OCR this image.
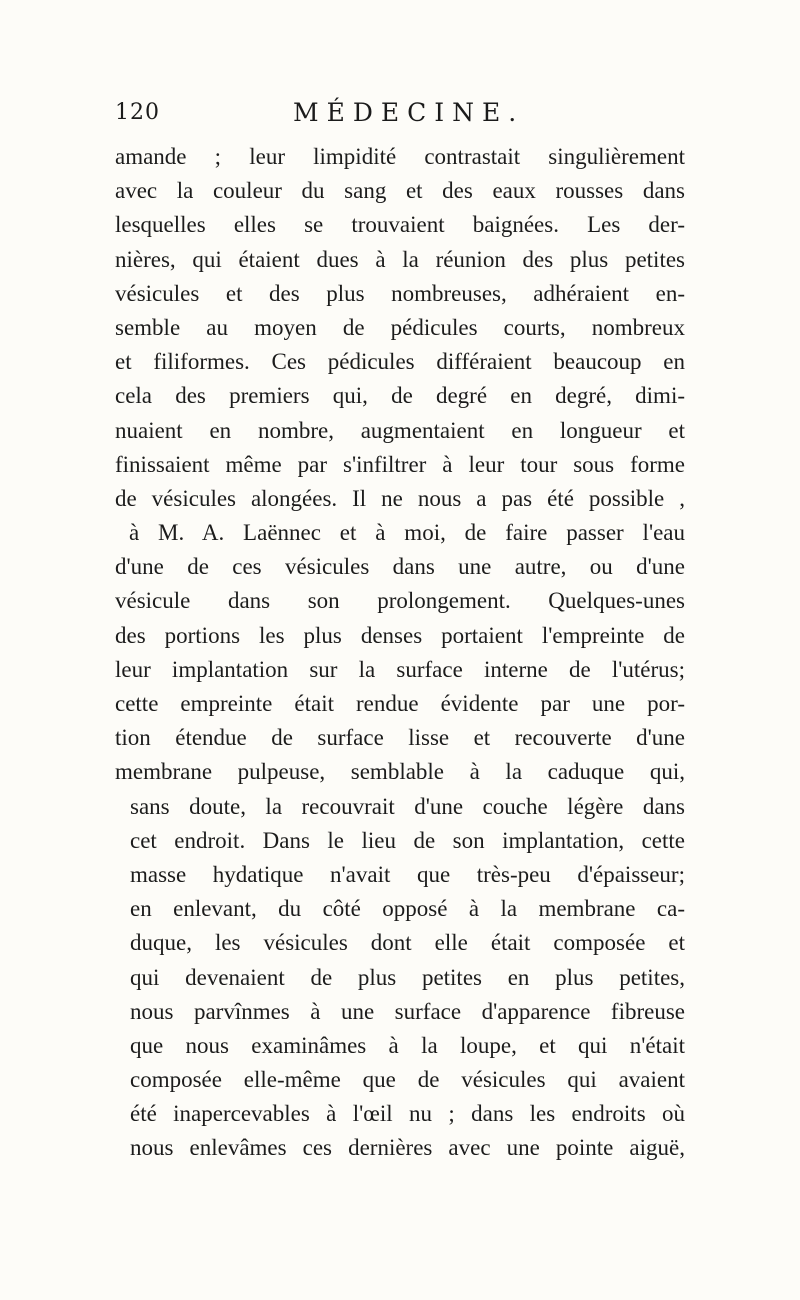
120	MÉDECINE.
amande ; leur limpidité contrastait singulièrement
avec la couleur du sang et des eaux rousses dans
lesquelles elles se trouvaient baignées. Les der-
nières, qui étaient dues à la réunion des plus petites
vésicules et des plus nombreuses, adhéraient en-
semble au moyen de pédicules courts, nombreux
et filiformes. Ces pédicules différaient beaucoup en
cela des premiers qui, de degré en degré, dimi-
nuaient en nombre, augmentaient en longueur et
finissaient même par s'infiltrer à leur tour sous forme
de vésicules alongées. Il ne nous a pas été possible ,
à M. A. Laënnec et à moi, de faire passer l'eau
d'une de ces vésicules dans une autre, ou d'une
vésicule dans son prolongement. Quelques-unes
des portions les plus denses portaient l'empreinte de
leur implantation sur la surface interne de l'utérus;
cette empreinte était rendue évidente par une por-
tion étendue de surface lisse et recouverte d'une
membrane pulpeuse, semblable à la caduque qui,
sans doute, la recouvrait d'une couche légère dans
cet endroit. Dans le lieu de son implantation, cette
masse hydatique n'avait que très-peu d'épaisseur;
en enlevant, du côté opposé à la membrane ca-
duque, les vésicules dont elle était composée et
qui devenaient de plus petites en plus petites,
nous parvînmes à une surface d'apparence fibreuse
que nous examinâmes à la loupe, et qui n'était
composée elle-même que de vésicules qui avaient
été inapercevables à l'œil nu ; dans les endroits où
nous enlevâmes ces dernières avec une pointe aiguë,
